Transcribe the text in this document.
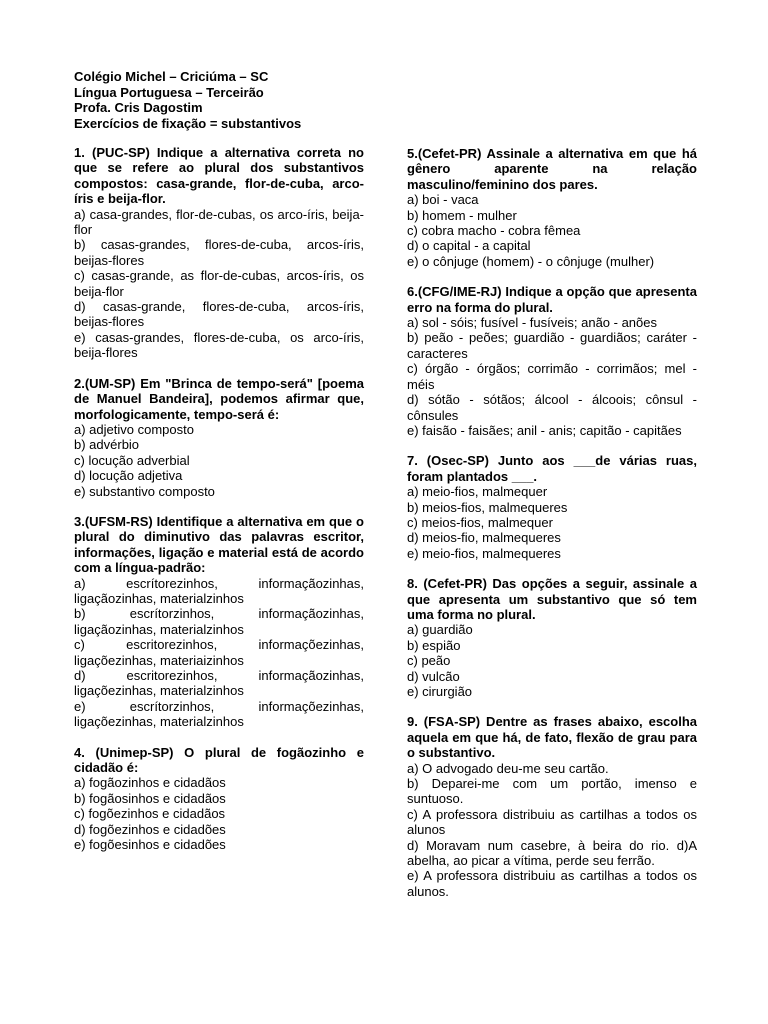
Colégio Michel – Criciúma – SC
Língua Portuguesa – Terceirão
Profa. Cris Dagostim
Exercícios de fixação = substantivos
1. (PUC-SP) Indique a alternativa correta no que se refere ao plural dos substantivos compostos: casa-grande, flor-de-cuba, arco-íris e beija-flor.
a) casa-grandes, flor-de-cubas, os arco-íris, beija-flor
b) casas-grandes, flores-de-cuba, arcos-íris, beijas-flores
c) casas-grande, as flor-de-cubas, arcos-íris, os beija-flor
d) casas-grande, flores-de-cuba, arcos-íris, beijas-flores
e) casas-grandes, flores-de-cuba, os arco-íris, beija-flores
2.(UM-SP) Em "Brinca de tempo-será" [poema de Manuel Bandeira], podemos afirmar que, morfologicamente, tempo-será é:
a) adjetivo composto
b) advérbio
c) locução adverbial
d) locução adjetiva
e) substantivo composto
3.(UFSM-RS) Identifique a alternativa em que o plural do diminutivo das palavras escritor, informações, ligação e material está de acordo com a língua-padrão:
a) escrítorezinhos, informaçãozinhas, ligaçãozinhas, materialzinhos
b) escrítorzinhos, informaçãozinhas, ligaçãozinhas, materialzinhos
c) escritorezinhos, informaçõezinhas, ligaçõezinhas, materiaizinhos
d) escritorezinhos, informaçãozinhas, ligaçõezinhas, materialzinhos
e) escrítorzinhos, informaçõezinhas, ligaçõezinhas, materialzinhos
4. (Unimep-SP) O plural de fogãozinho e cidadão é:
a) fogãozinhos e cidadãos
b) fogãosinhos e cidadãos
c) fogõezinhos e cidadãos
d) fogõezinhos e cidadões
e) fogõesinhos e cidadões
5.(Cefet-PR) Assinale a alternativa em que há gênero aparente na relação masculino/feminino dos pares.
a) boi - vaca
b) homem - mulher
c) cobra macho - cobra fêmea
d) o capital - a capital
e) o cônjuge (homem) - o cônjuge (mulher)
6.(CFG/IME-RJ) Indique a opção que apresenta erro na forma do plural.
a) sol - sóis; fusível - fusíveis; anão - anões
b) peão - peões; guardião - guardiãos; caráter - caracteres
c) órgão - órgãos; corrimão - corrimãos; mel - méis
d) sótão - sótãos; álcool - álcoois; cônsul - cônsules
e) faisão - faisães; anil - anis; capitão - capitães
7. (Osec-SP) Junto aos ___de várias ruas, foram plantados ___.
a) meio-fios, malmequer
b) meios-fios, malmequeres
c) meios-fios, malmequer
d) meios-fio, malmequeres
e) meio-fios, malmequeres
8. (Cefet-PR) Das opções a seguir, assinale a que apresenta um substantivo que só tem uma forma no plural.
a) guardião
b) espião
c) peão
d) vulcão
e) cirurgião
9. (FSA-SP) Dentre as frases abaixo, escolha aquela em que há, de fato, flexão de grau para o substantivo.
a) O advogado deu-me seu cartão.
b) Deparei-me com um portão, imenso e suntuoso.
c) A professora distribuiu as cartilhas a todos os alunos
d) Moravam num casebre, à beira do rio. d)A abelha, ao picar a vítima, perde seu ferrão.
e) A professora distribuiu as cartilhas a todos os alunos.
